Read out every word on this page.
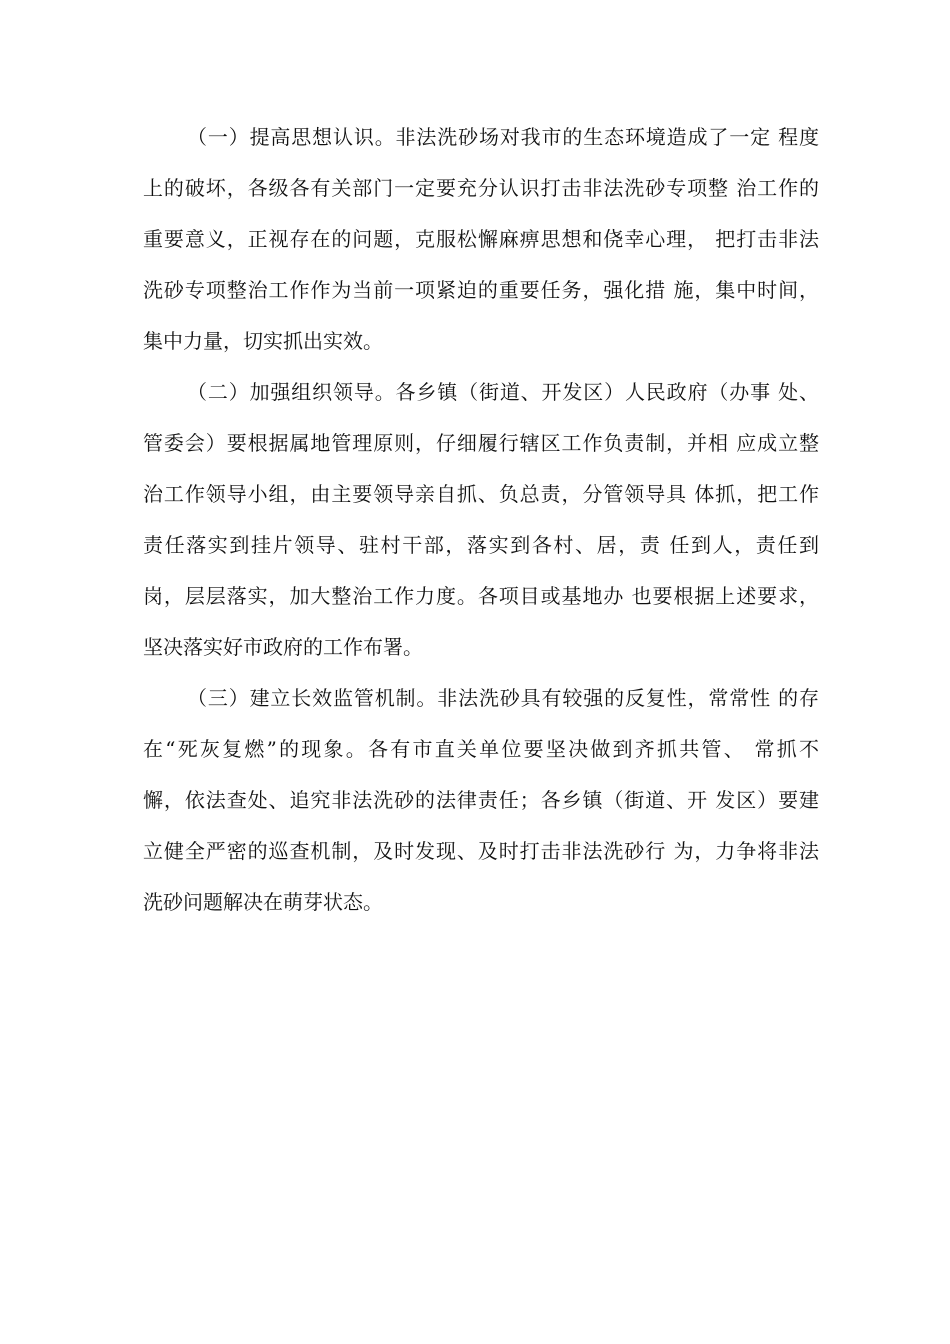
（一）提高思想认识。非法洗砂场对我市的生态环境造成了一定 程度
上的破坏，各级各有关部门一定要充分认识打击非法洗砂专项整 治工作的
重要意义，正视存在的问题，克服松懈麻痹思想和侥幸心理， 把打击非法
洗砂专项整治工作作为当前一项紧迫的重要任务，强化措 施，集中时间，
集中力量，切实抓出实效。
（二）加强组织领导。各乡镇（街道、开发区）人民政府（办事 处、
管委会）要根据属地管理原则，仔细履行辖区工作负责制，并相 应成立整
治工作领导小组，由主要领导亲自抓、负总责，分管领导具 体抓，把工作
责任落实到挂片领导、驻村干部，落实到各村、居，责 任到人，责任到
岗，层层落实，加大整治工作力度。各项目或基地办 也要根据上述要求，
坚决落实好市政府的工作布署。
（三）建立长效监管机制。非法洗砂具有较强的反复性，常常性 的存
在“死灰复燃”的现象。各有市直关单位要坚决做到齐抓共管、 常抓不
懈，依法查处、追究非法洗砂的法律责任；各乡镇（街道、开 发区）要建
立健全严密的巡查机制，及时发现、及时打击非法洗砂行 为，力争将非法
洗砂问题解决在萌芽状态。
